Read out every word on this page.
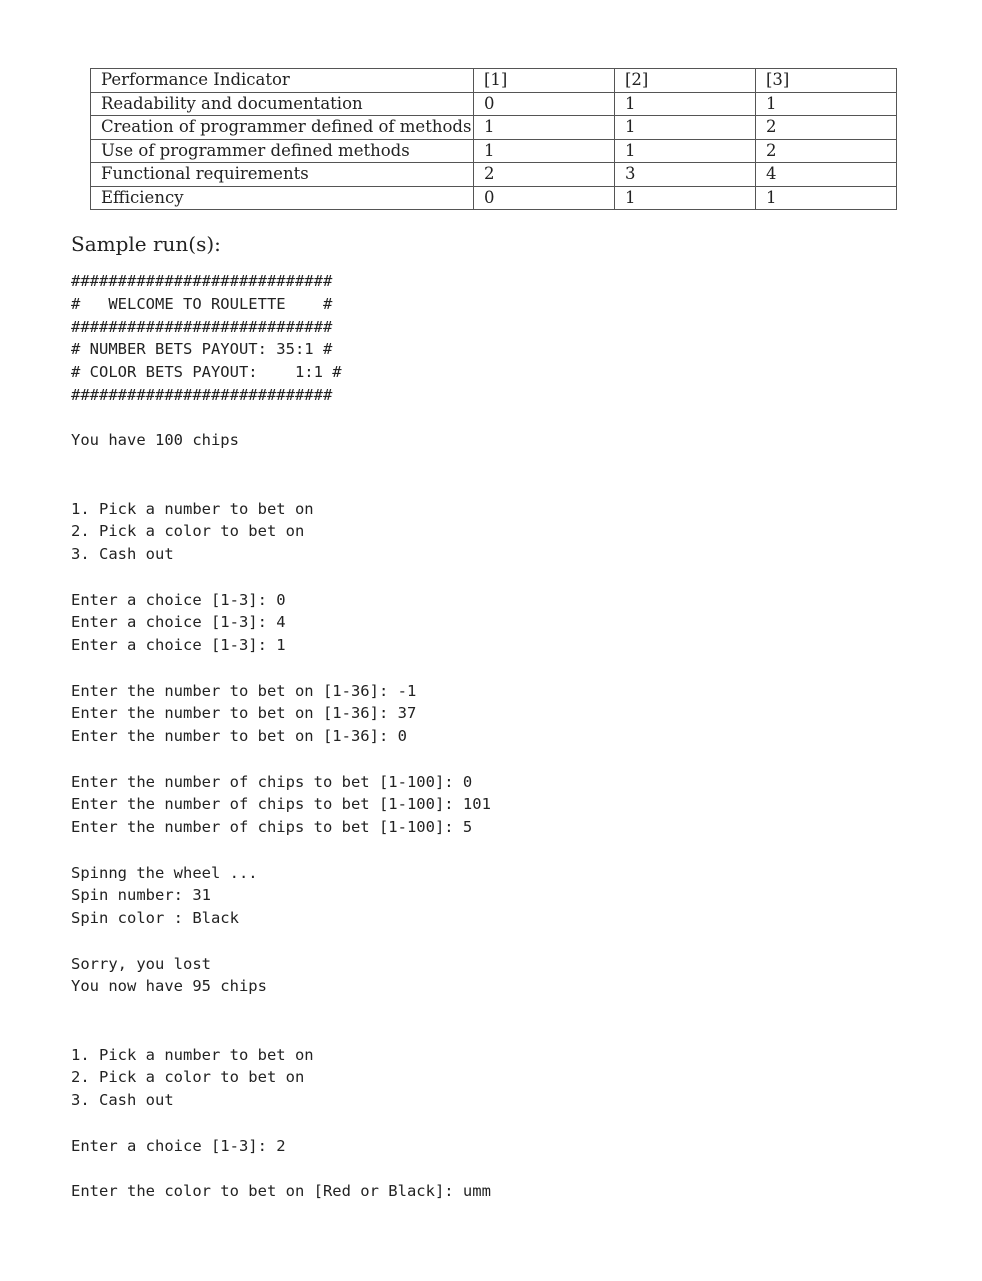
Performance Indicator	[1]	[2]	[3]
Readability and documentation	0	1	1
Creation of programmer defined of methods	1	1	2
Use of programmer defined methods	1	1	2
Functional requirements	2	3	4
Efficiency	0	1	1
Sample run(s):
############################
#   WELCOME TO ROULETTE    #
############################
# NUMBER BETS PAYOUT: 35:1 #
# COLOR BETS PAYOUT:    1:1 #
############################

You have 100 chips

1. Pick a number to bet on
2. Pick a color to bet on
3. Cash out

Enter a choice [1-3]: 0
Enter a choice [1-3]: 4
Enter a choice [1-3]: 1

Enter the number to bet on [1-36]: -1
Enter the number to bet on [1-36]: 37
Enter the number to bet on [1-36]: 0

Enter the number of chips to bet [1-100]: 0
Enter the number of chips to bet [1-100]: 101
Enter the number of chips to bet [1-100]: 5

Spinng the wheel ...
Spin number: 31
Spin color : Black

Sorry, you lost
You now have 95 chips

1. Pick a number to bet on
2. Pick a color to bet on
3. Cash out

Enter a choice [1-3]: 2

Enter the color to bet on [Red or Black]: umm
